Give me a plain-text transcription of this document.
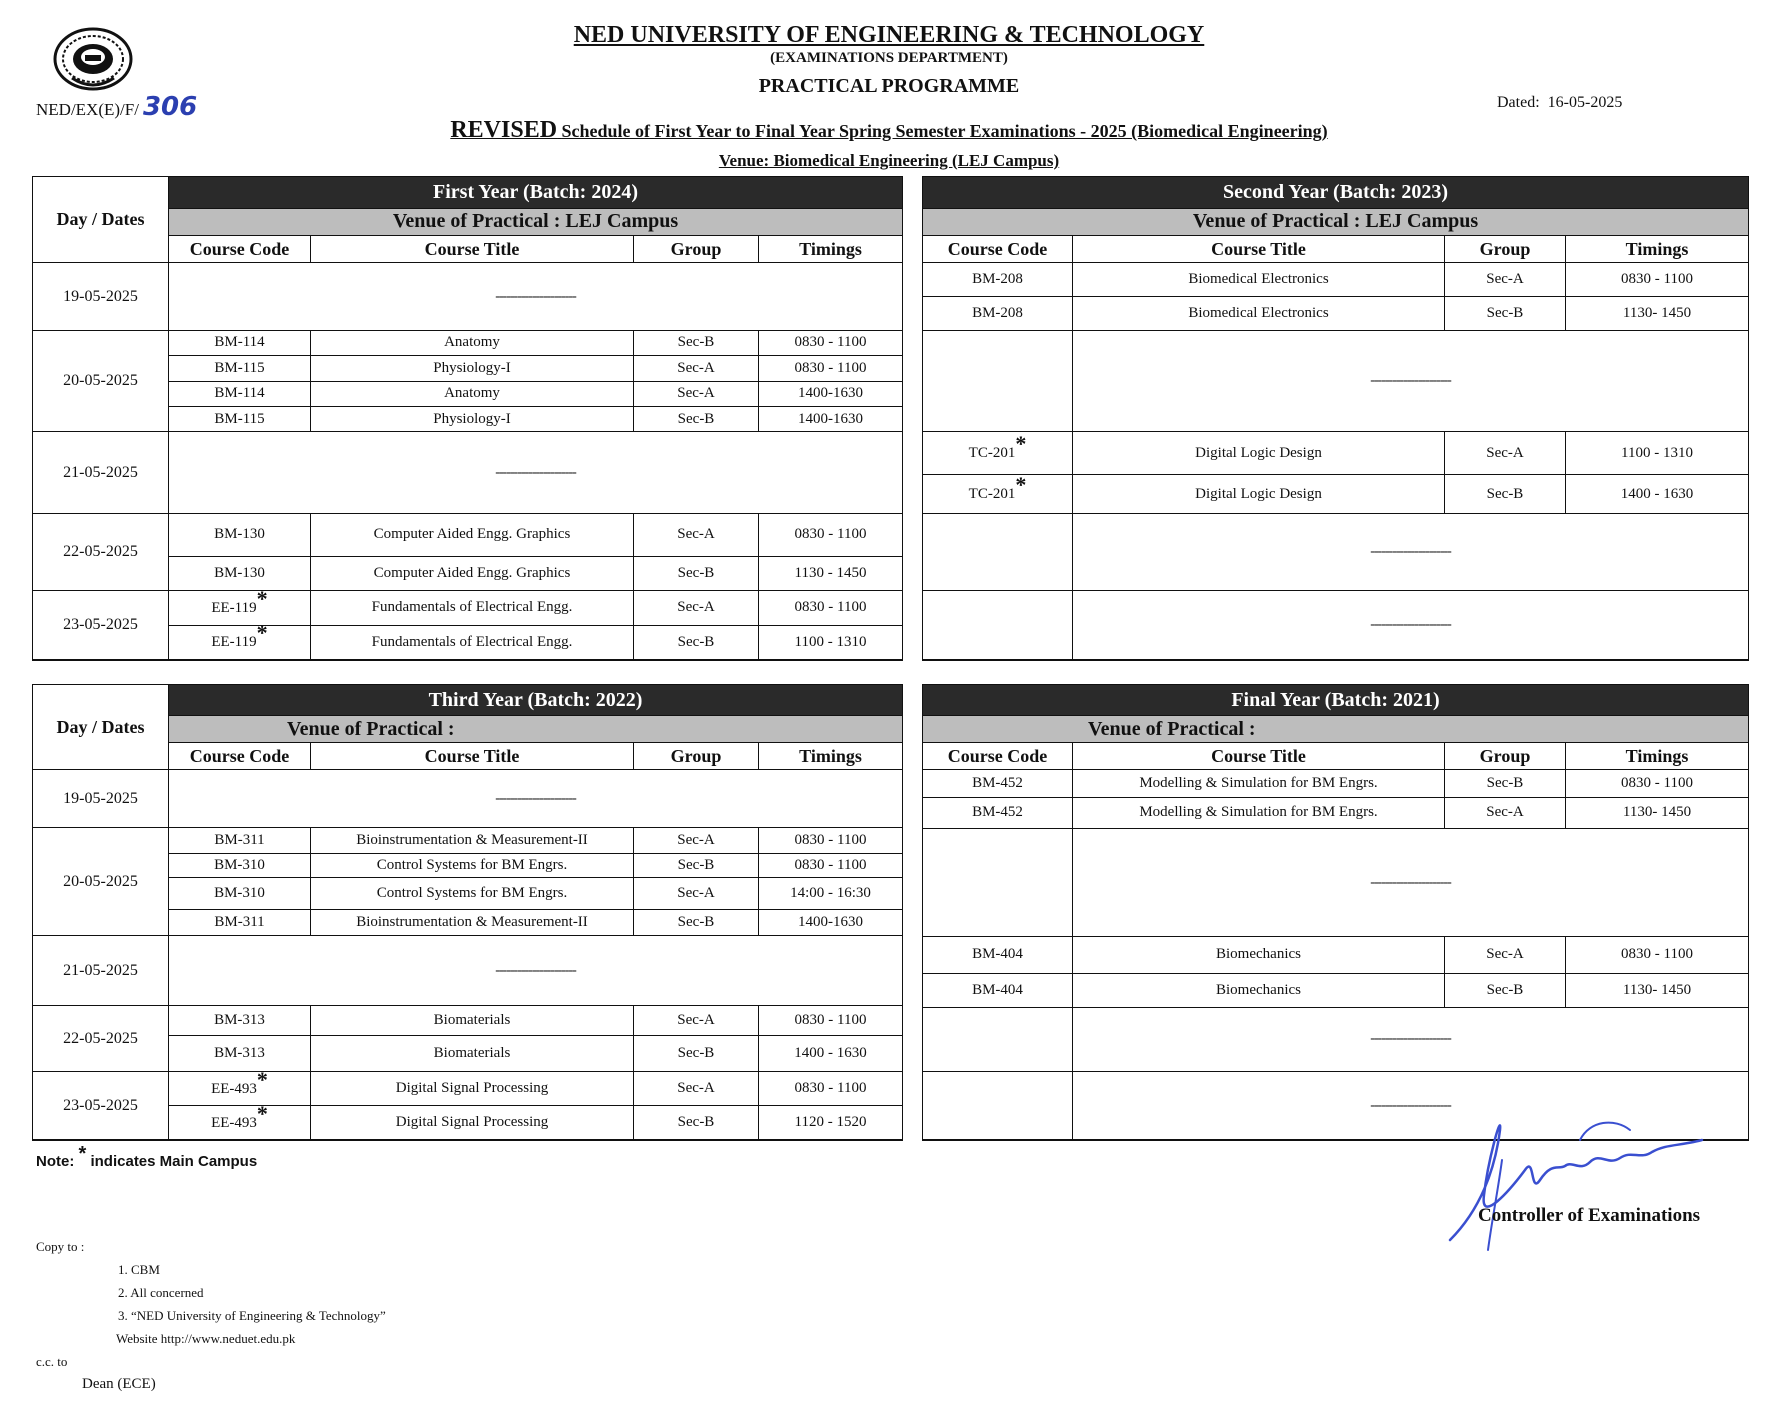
NED/EX(E)/F/ 306
NED UNIVERSITY OF ENGINEERING & TECHNOLOGY
(EXAMINATIONS DEPARTMENT)
PRACTICAL PROGRAMME
Dated: 16-05-2025
REVISED Schedule of First Year to Final Year Spring Semester Examinations - 2025 (Biomedical Engineering)
Venue: Biomedical Engineering (LEJ Campus)
Day / Dates	First Year (Batch: 2024)			
	Venue of Practical : LEJ Campus			
	Course Code	Course Title	Group	Timings
19-05-2025	----------------------			
20-05-2025	BM-114	Anatomy	Sec-B	0830 - 1100
	BM-115	Physiology-I	Sec-A	0830 - 1100
	BM-114	Anatomy	Sec-A	1400-1630
	BM-115	Physiology-I	Sec-B	1400-1630
21-05-2025	----------------------			
22-05-2025	BM-130	Computer Aided Engg. Graphics	Sec-A	0830 - 1100
	BM-130	Computer Aided Engg. Graphics	Sec-B	1130 - 1450
23-05-2025	EE-119*	Fundamentals of Electrical Engg.	Sec-A	0830 - 1100
	EE-119*	Fundamentals of Electrical Engg.	Sec-B	1100 - 1310
Second Year (Batch: 2023)			
Venue of Practical : LEJ Campus			
Course Code	Course Title	Group	Timings
BM-208	Biomedical Electronics	Sec-A	0830 - 1100
BM-208	Biomedical Electronics	Sec-B	1130- 1450
	----------------------		
TC-201*	Digital Logic Design	Sec-A	1100 - 1310
TC-201*	Digital Logic Design	Sec-B	1400 - 1630
	----------------------		
	----------------------		
Day / Dates	Third Year (Batch: 2022)			
	Venue of Practical :			
	Course Code	Course Title	Group	Timings
19-05-2025	----------------------			
20-05-2025	BM-311	Bioinstrumentation & Measurement-II	Sec-A	0830 - 1100
	BM-310	Control Systems for BM Engrs.	Sec-B	0830 - 1100
	BM-310	Control Systems for BM Engrs.	Sec-A	14:00 - 16:30
	BM-311	Bioinstrumentation & Measurement-II	Sec-B	1400-1630
21-05-2025	----------------------			
22-05-2025	BM-313	Biomaterials	Sec-A	0830 - 1100
	BM-313	Biomaterials	Sec-B	1400 - 1630
23-05-2025	EE-493*	Digital Signal Processing	Sec-A	0830 - 1100
	EE-493*	Digital Signal Processing	Sec-B	1120 - 1520
Final Year (Batch: 2021)			
Venue of Practical :			
Course Code	Course Title	Group	Timings
BM-452	Modelling & Simulation for BM Engrs.	Sec-B	0830 - 1100
BM-452	Modelling & Simulation for BM Engrs.	Sec-A	1130- 1450
	----------------------		
BM-404	Biomechanics	Sec-A	0830 - 1100
BM-404	Biomechanics	Sec-B	1130- 1450
	----------------------		
	----------------------		
Note: * indicates Main Campus
Controller of Examinations
Copy to :
1. CBM
2. All concerned
3. “NED University of Engineering & Technology”
Website http://www.neduet.edu.pk
c.c. to
Dean (ECE)
